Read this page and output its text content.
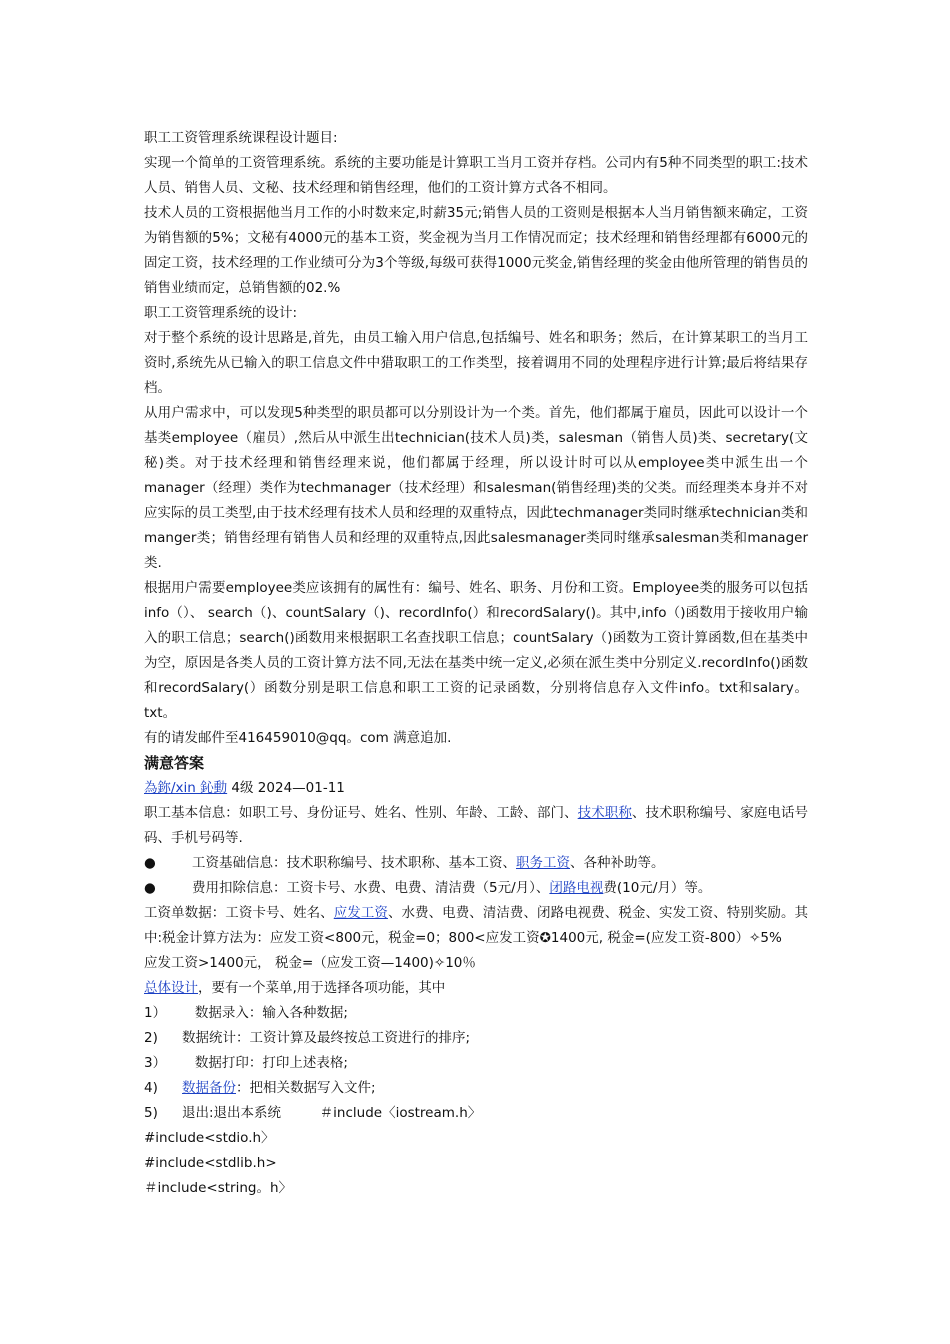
职工工资管理系统课程设计题目:

实现一个简单的工资管理系统。系统的主要功能是计算职工当月工资并存档。公司内有5种不同类型的职工:技术人员、销售人员、文秘、技术经理和销售经理，他们的工资计算方式各不相同。

技术人员的工资根据他当月工作的小时数来定,时薪35元;销售人员的工资则是根据本人当月销售额来确定，工资为销售额的5%；文秘有4000元的基本工资，奖金视为当月工作情况而定；技术经理和销售经理都有6000元的固定工资，技术经理的工作业绩可分为3个等级,每级可获得1000元奖金,销售经理的奖金由他所管理的销售员的销售业绩而定，总销售额的02.%

职工工资管理系统的设计:

对于整个系统的设计思路是,首先，由员工输入用户信息,包括编号、姓名和职务；然后，在计算某职工的当月工资时,系统先从已输入的职工信息文件中猎取职工的工作类型，接着调用不同的处理程序进行计算;最后将结果存档。

从用户需求中，可以发现5种类型的职员都可以分别设计为一个类。首先，他们都属于雇员，因此可以设计一个基类employee（雇员）,然后从中派生出technician(技术人员)类，salesman（销售人员)类、secretary(文秘)类。对于技术经理和销售经理来说，他们都属于经理，所以设计时可以从employee类中派生出一个manager（经理）类作为techmanager（技术经理）和salesman(销售经理)类的父类。而经理类本身并不对应实际的员工类型,由于技术经理有技术人员和经理的双重特点，因此techmanager类同时继承technician类和manger类；销售经理有销售人员和经理的双重特点,因此salesmanager类同时继承salesman类和manager类.

根据用户需要employee类应该拥有的属性有：编号、姓名、职务、月份和工资。Employee类的服务可以包括info（）、 search（)、countSalary（)、recordInfo(）和recordSalary()。其中,info（)函数用于接收用户输入的职工信息；search()函数用来根据职工名查找职工信息；countSalary（)函数为工资计算函数,但在基类中为空，原因是各类人员的工资计算方法不同,无法在基类中统一定义,必须在派生类中分别定义.recordInfo()函数和recordSalary(）函数分别是职工信息和职工工资的记录函数，分别将信息存入文件info。txt和salary。txt。

有的请发邮件至416459010@qq。com 满意追加.

满意答案

為鉨/xin 鈊動 4级 2024—01-11

职工基本信息：如职工号、身份证号、姓名、性别、年龄、工龄、部门、技术职称、技术职称编号、家庭电话号码、手机号码等.

●	工资基础信息：技术职称编号、技术职称、基本工资、职务工资、各种补助等。
●	费用扣除信息：工资卡号、水费、电费、清洁费（5元/月）、闭路电视费(10元/月）等。

工资单数据：工资卡号、姓名、应发工资、水费、电费、清洁费、闭路电视费、税金、实发工资、特别奖励。其中:税金计算方法为：应发工资<800元，税金=0；800<应发工资✪1400元, 税金=(应发工资-800）✧5%

应发工资>1400元， 税金=（应发工资—1400)✧10％

总体设计，要有一个菜单,用于选择各项功能，其中

1）	数据录入：输入各种数据;
2)	数据统计：工资计算及最终按总工资进行的排序;
3）	数据打印：打印上述表格;
4)	数据备份 ：把相关数据写入文件;
5)	退出:退出本系统         ＃include〈iostream.h〉

#include<stdio.h〉

#include<stdlib.h>

＃include<string。h〉
